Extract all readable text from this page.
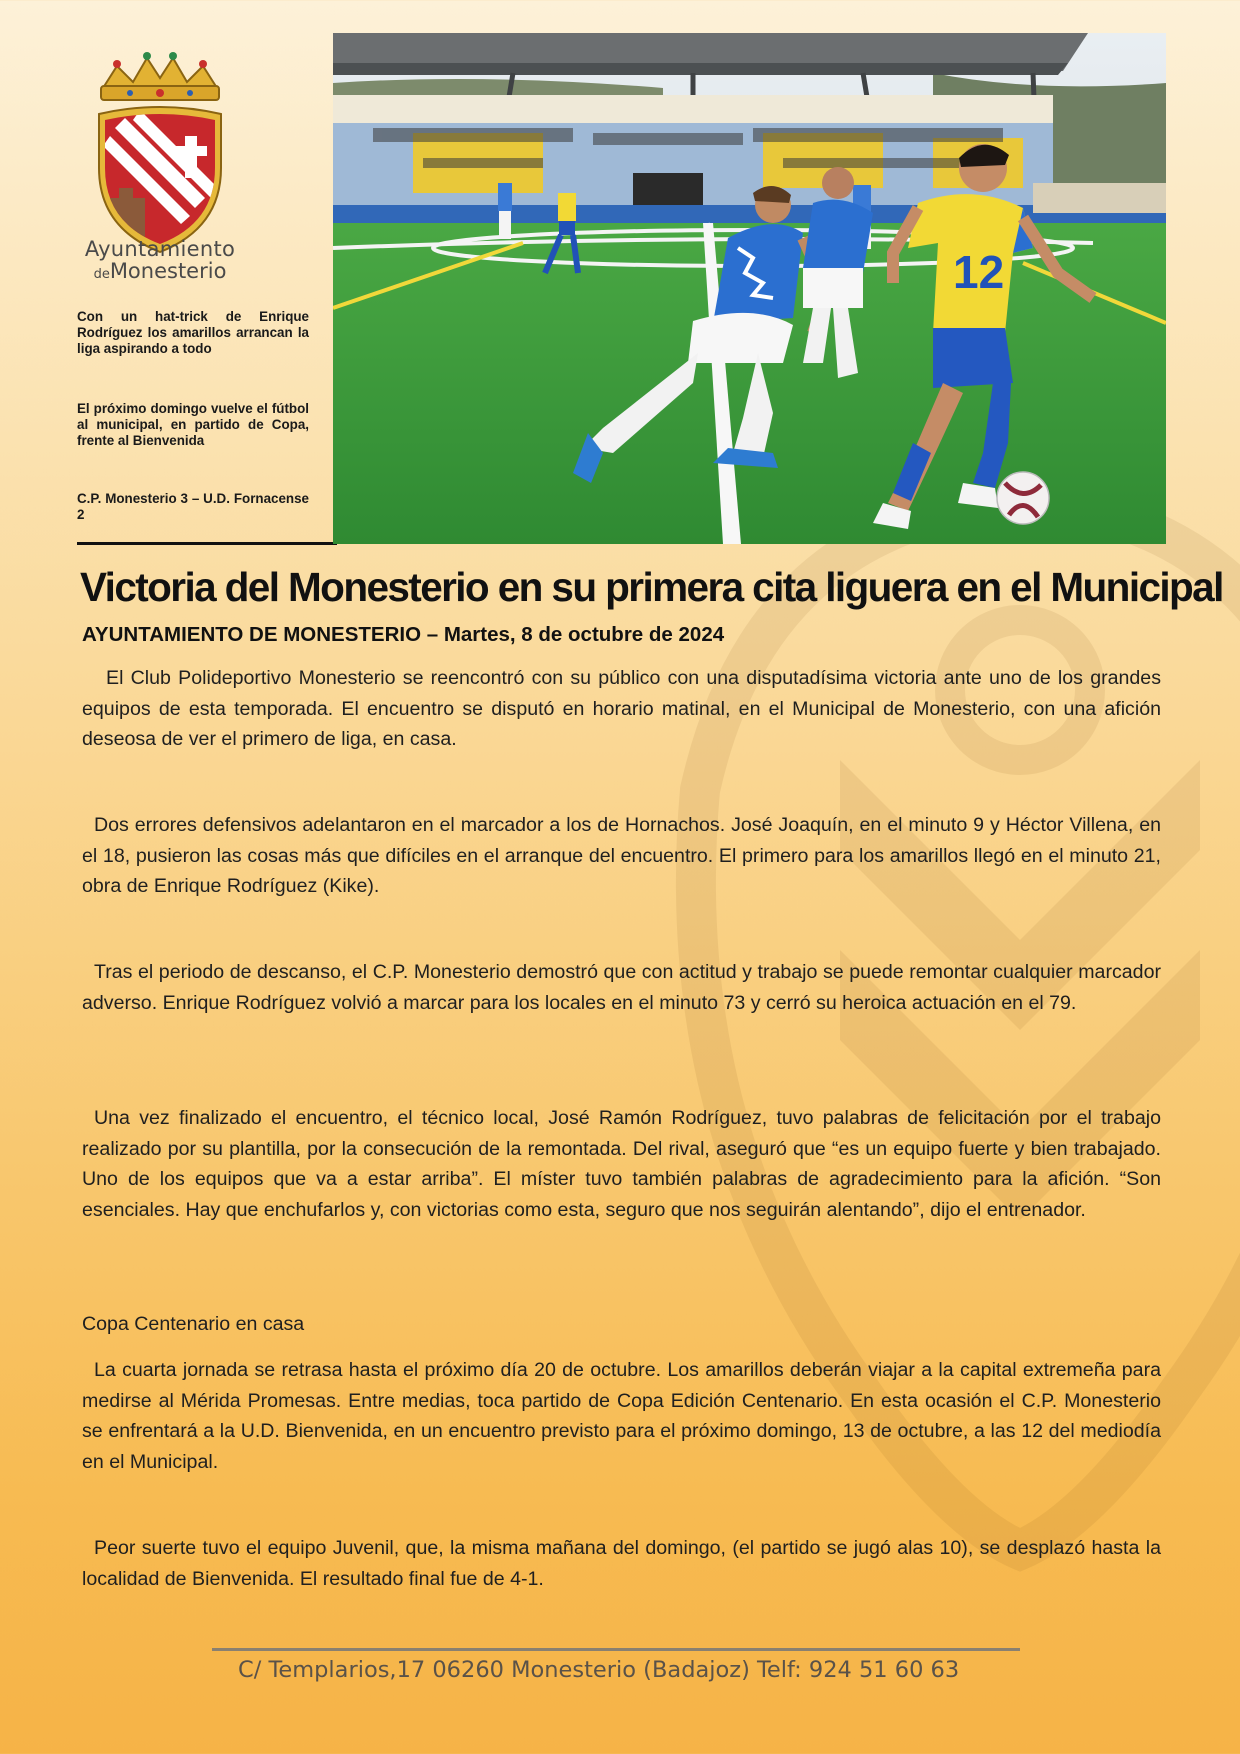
Ayuntamiento
deMonesterio

Con un hat-trick de Enrique Rodríguez los amarillos arrancan la liga aspirando a todo

El próximo domingo vuelve el fútbol al municipal, en partido de Copa, frente al Bienvenida

C.P. Monesterio 3 – U.D. Fornacense 2

12
Victoria del Monesterio en su primera cita liguera en el Municipal

AYUNTAMIENTO DE MONESTERIO – Martes, 8 de octubre de 2024

El Club Polideportivo Monesterio se reencontró con su público con una disputadísima victoria ante uno de los grandes equipos de esta temporada. El encuentro se disputó en horario matinal, en el Municipal de Monesterio, con una afición deseosa de ver el primero de liga, en casa.

Dos errores defensivos adelantaron en el marcador a los de Hornachos. José Joaquín, en el minuto 9 y Héctor Villena, en el 18, pusieron las cosas más que difíciles en el arranque del encuentro. El primero para los amarillos llegó en el minuto 21, obra de Enrique Rodríguez (Kike).

Tras el periodo de descanso, el C.P. Monesterio demostró que con actitud y trabajo se puede remontar cualquier marcador adverso. Enrique Rodríguez volvió a marcar para los locales en el minuto 73 y cerró su heroica actuación en el 79.

Una vez finalizado el encuentro, el técnico local, José Ramón Rodríguez, tuvo palabras de felicitación por el trabajo realizado por su plantilla, por la consecución de la remontada. Del rival, aseguró que “es un equipo fuerte y bien trabajado. Uno de los equipos que va a estar arriba”. El míster tuvo también palabras de agradecimiento para la afición. “Son esenciales. Hay que enchufarlos y, con victorias como esta, seguro que nos seguirán alentando”, dijo el entrenador.

Copa Centenario en casa

La cuarta jornada se retrasa hasta el próximo día 20 de octubre. Los amarillos deberán viajar a la capital extremeña para medirse al Mérida Promesas. Entre medias, toca partido de Copa Edición Centenario. En esta ocasión el C.P. Monesterio se enfrentará a la U.D. Bienvenida, en un encuentro previsto para el próximo domingo, 13 de octubre, a las 12 del mediodía en el Municipal.

Peor suerte tuvo el equipo Juvenil, que, la misma mañana del domingo, (el partido se jugó alas 10), se desplazó hasta la localidad de Bienvenida. El resultado final fue de 4-1.

C/ Templarios,17 06260 Monesterio (Badajoz) Telf: 924 51 60 63
